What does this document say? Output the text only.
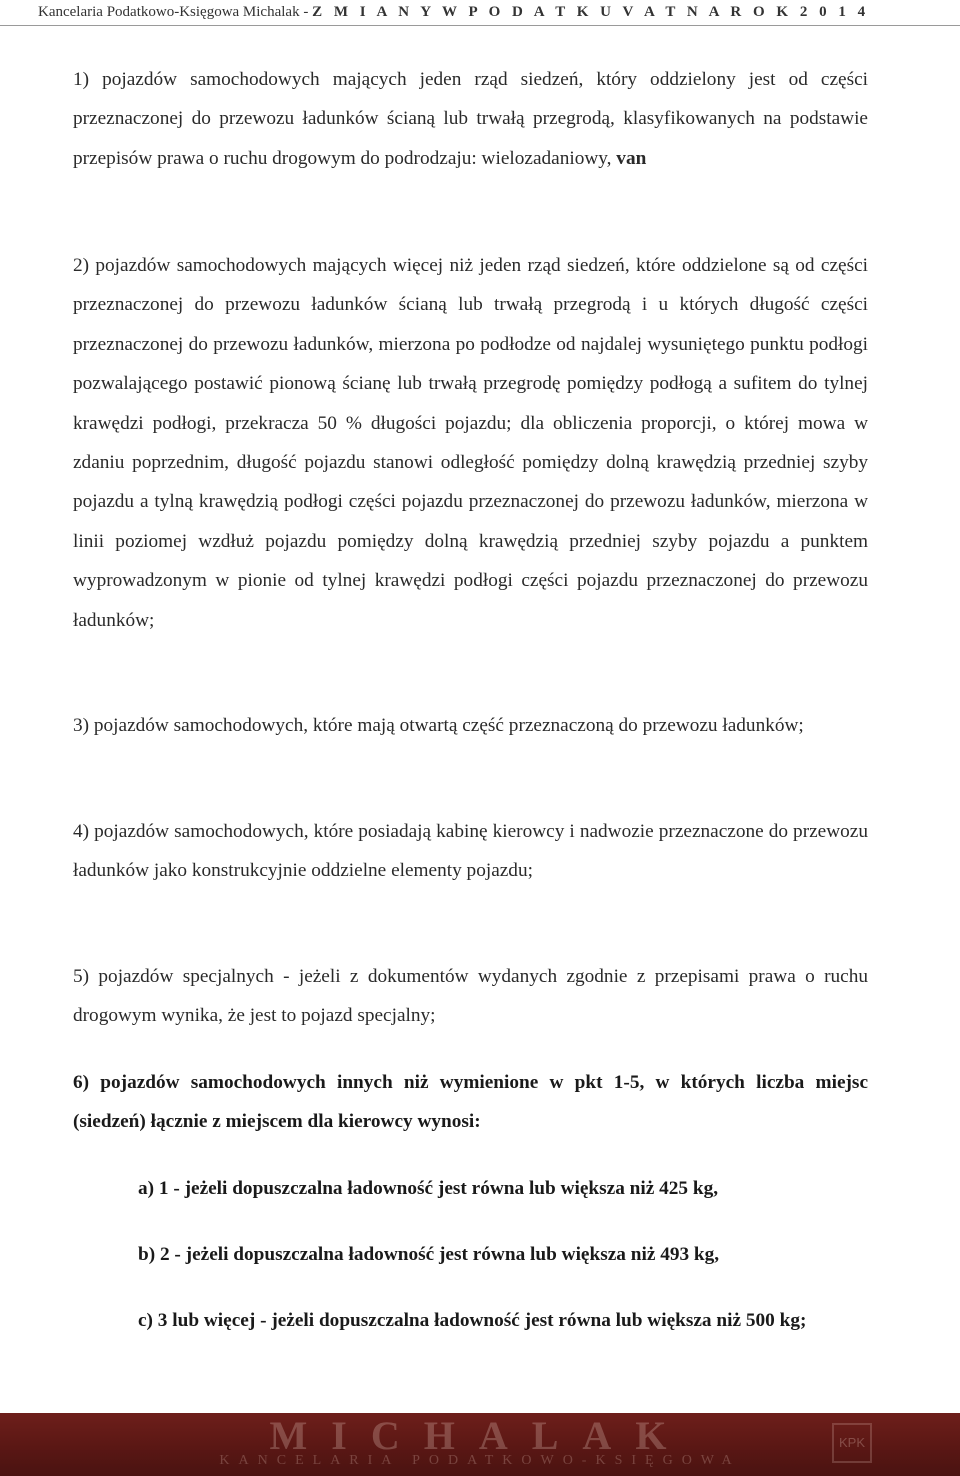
Kancelaria Podatkowo-Księgowa Michalak - Z M I A N Y W P O D A T K U V A T N A R O K 2 0 1 4

1) pojazdów samochodowych mających jeden rząd siedzeń, który oddzielony jest od części przeznaczonej do przewozu ładunków ścianą lub trwałą przegrodą, klasyfikowanych na podstawie przepisów prawa o ruchu drogowym do podrodzaju: wielozadaniowy, van

2) pojazdów samochodowych mających więcej niż jeden rząd siedzeń, które oddzielone są od części przeznaczonej do przewozu ładunków ścianą lub trwałą przegrodą i u których długość części przeznaczonej do przewozu ładunków, mierzona po podłodze od najdalej wysuniętego punktu podłogi pozwalającego postawić pionową ścianę lub trwałą przegrodę pomiędzy podłogą a sufitem do tylnej krawędzi podłogi, przekracza 50 % długości pojazdu; dla obliczenia proporcji, o której mowa w zdaniu poprzednim, długość pojazdu stanowi odległość pomiędzy dolną krawędzią przedniej szyby pojazdu a tylną krawędzią podłogi części pojazdu przeznaczonej do przewozu ładunków, mierzona w linii poziomej wzdłuż pojazdu pomiędzy dolną krawędzią przedniej szyby pojazdu a punktem wyprowadzonym w pionie od tylnej krawędzi podłogi części pojazdu przeznaczonej do przewozu ładunków;

3) pojazdów samochodowych, które mają otwartą część przeznaczoną do przewozu ładunków;

4) pojazdów samochodowych, które posiadają kabinę kierowcy i nadwozie przeznaczone do przewozu ładunków jako konstrukcyjnie oddzielne elementy pojazdu;

5) pojazdów specjalnych - jeżeli z dokumentów wydanych zgodnie z przepisami prawa o ruchu drogowym wynika, że jest to pojazd specjalny;

6) pojazdów samochodowych innych niż wymienione w pkt 1-5, w których liczba miejsc (siedzeń) łącznie z miejscem dla kierowcy wynosi:

a) 1 - jeżeli dopuszczalna ładowność jest równa lub większa niż 425 kg,

b) 2 - jeżeli dopuszczalna ładowność jest równa lub większa niż 493 kg,

c) 3 lub więcej - jeżeli dopuszczalna ładowność jest równa lub większa niż 500 kg;

MICHALAK
KANCELARIA PODATKOWO-KSIĘGOWA
KPK
